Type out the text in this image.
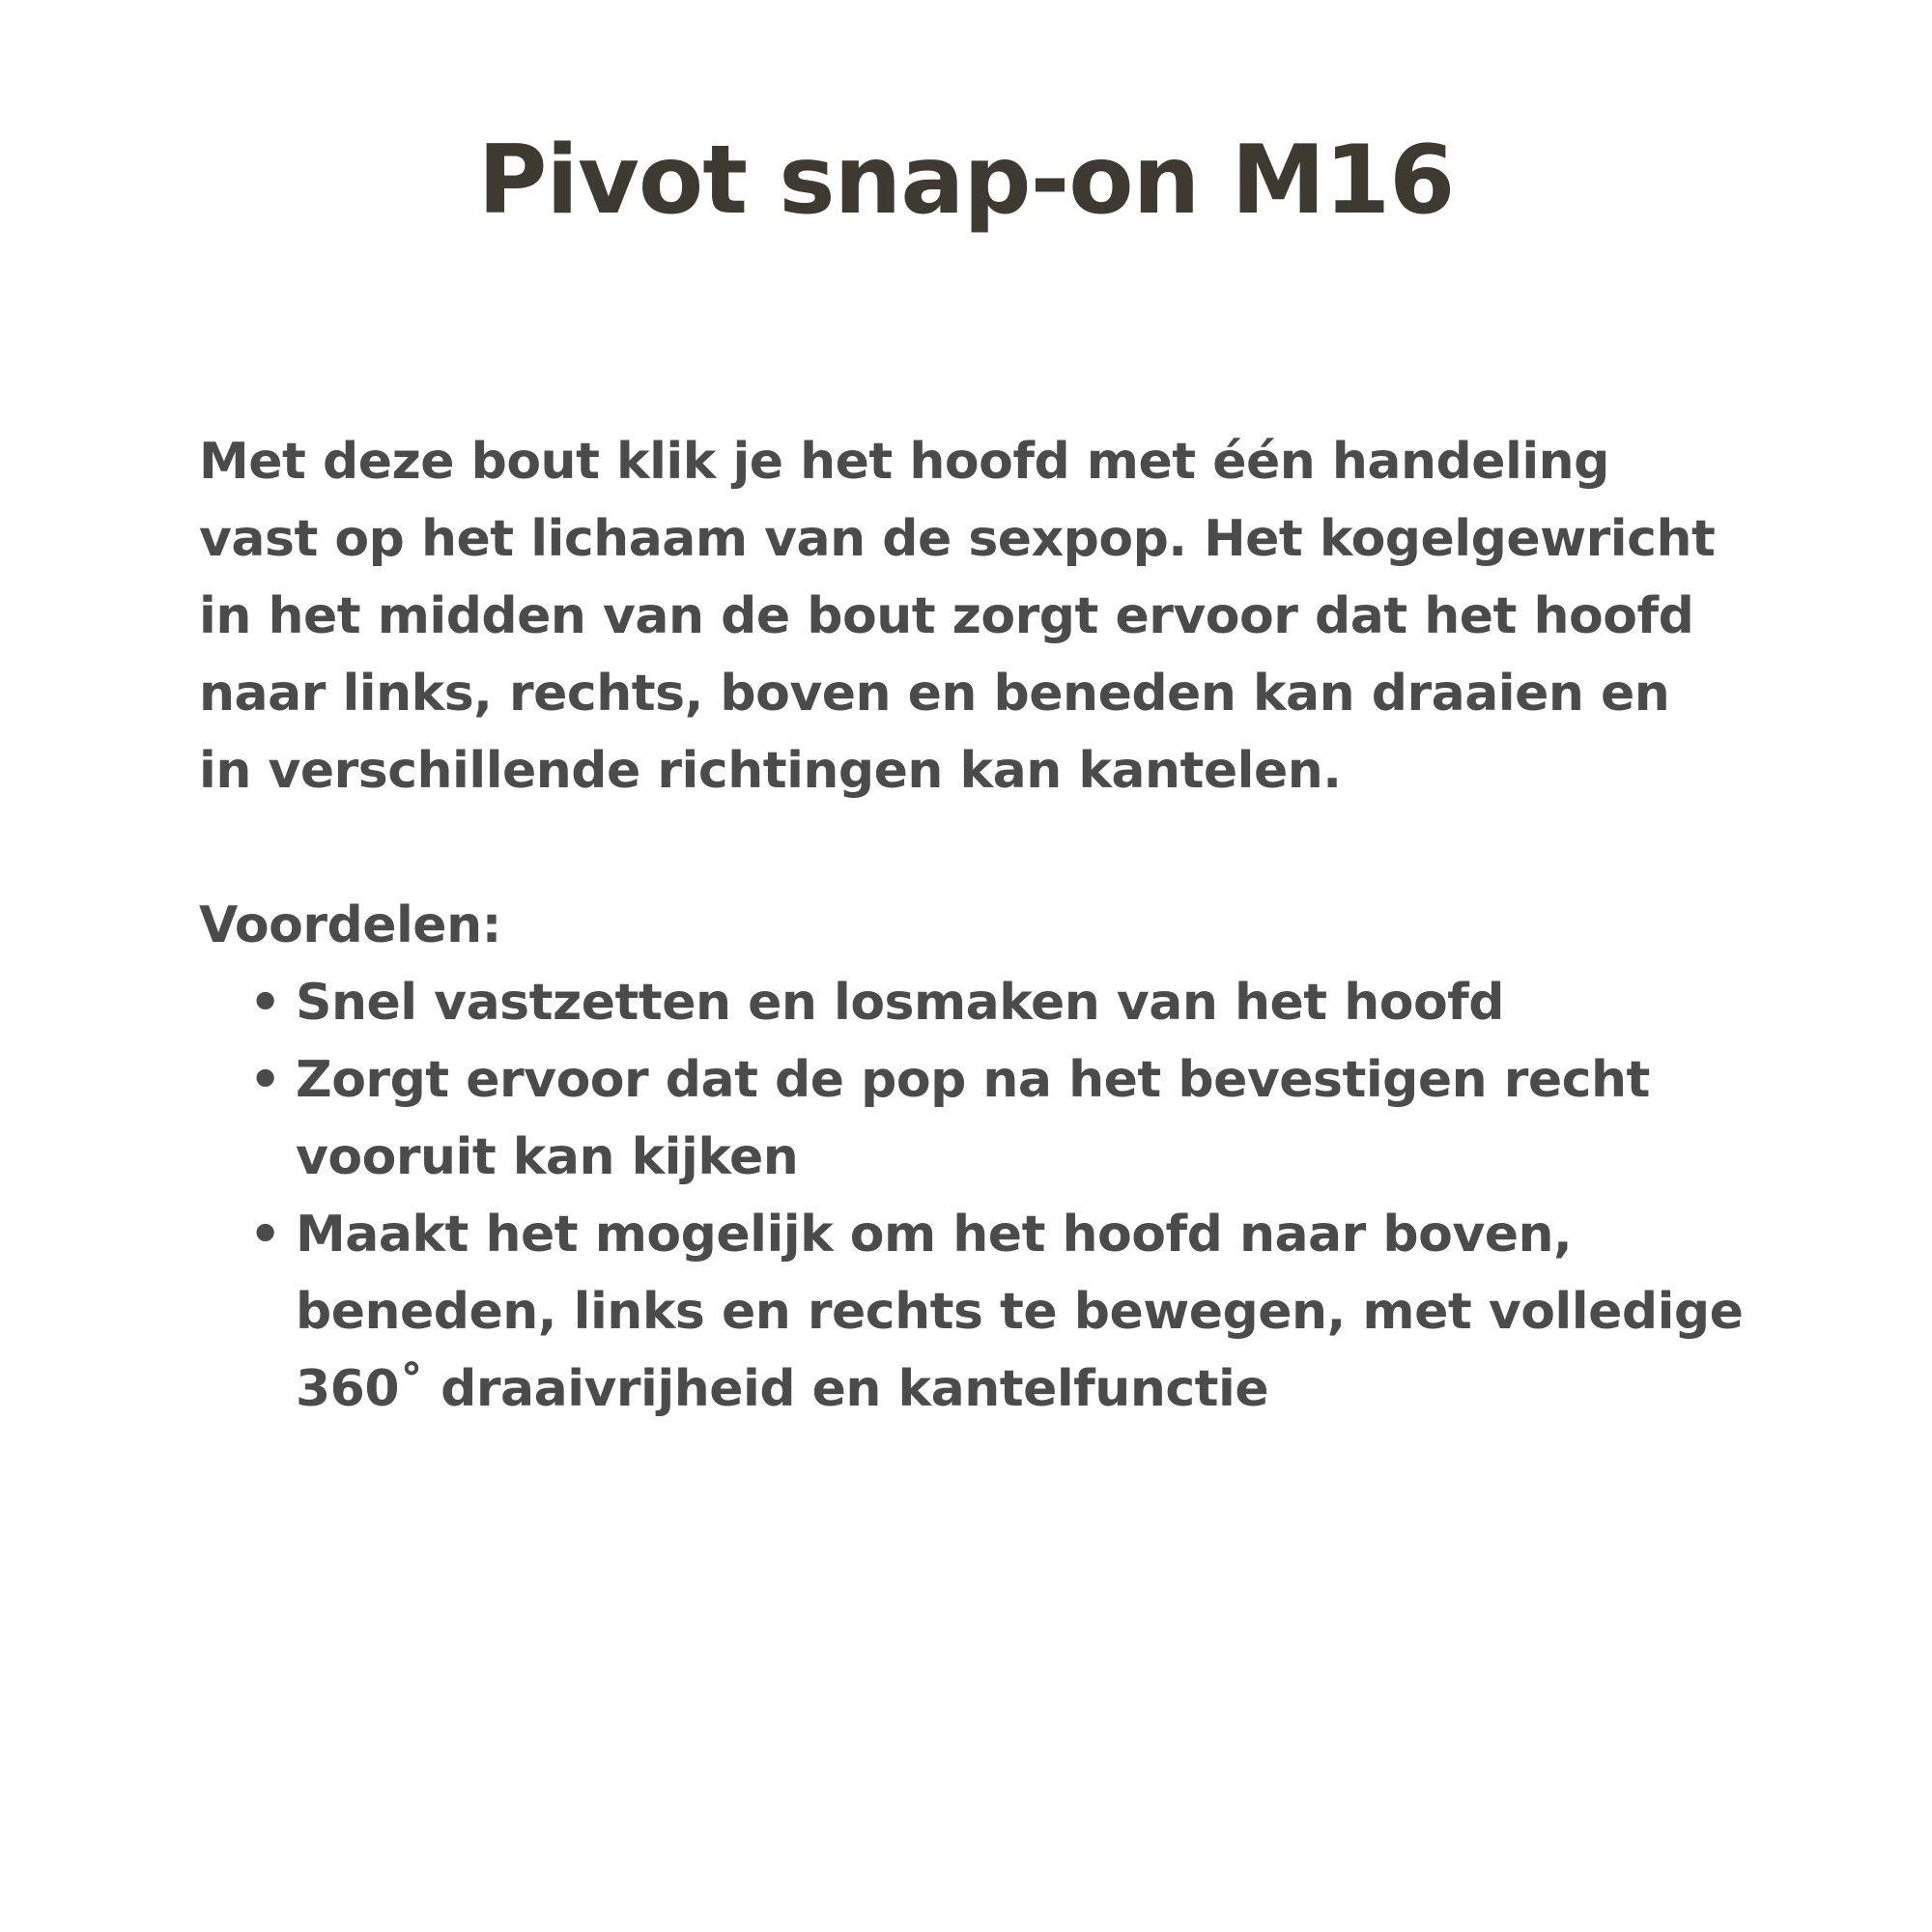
Pivot snap-on M16

Met deze bout klik je het hoofd met één handeling vast op het lichaam van de sexpop. Het kogelgewricht in het midden van de bout zorgt ervoor dat het hoofd naar links, rechts, boven en beneden kan draaien en in verschillende richtingen kan kantelen.

Voordelen:

• Snel vastzetten en losmaken van het hoofd
• Zorgt ervoor dat de pop na het bevestigen recht vooruit kan kijken
• Maakt het mogelijk om het hoofd naar boven, beneden, links en rechts te bewegen, met volledige 360˚ draaivrijheid en kantelfunctie
